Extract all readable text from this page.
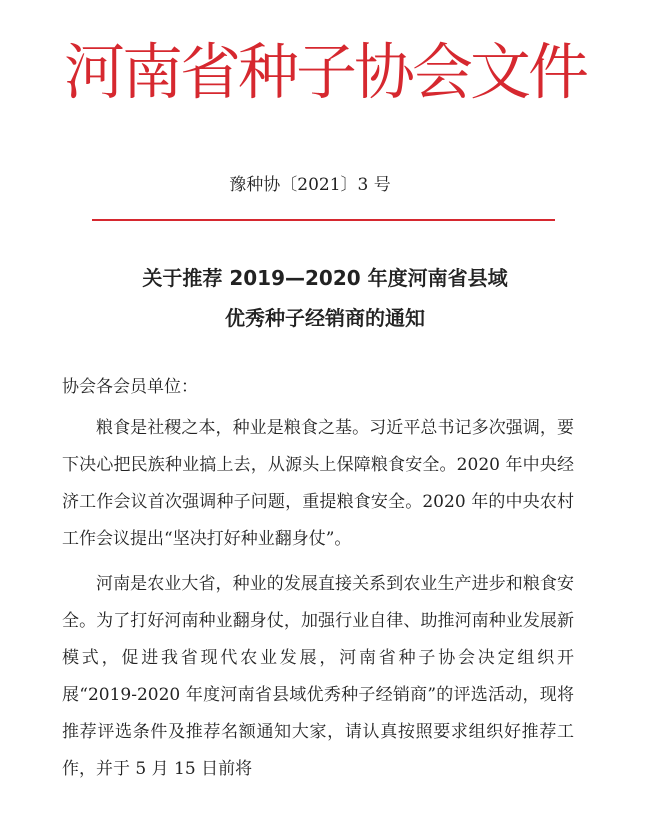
河南省种子协会文件
豫种协〔2021〕3 号
关于推荐 2019—2020 年度河南省县域
优秀种子经销商的通知

协会各会员单位：

粮食是社稷之本，种业是粮食之基。习近平总书记多次强调，要下决心把民族种业搞上去，从源头上保障粮食安全。2020 年中央经济工作会议首次强调种子问题，重提粮食安全。2020 年的中央农村工作会议提出“坚决打好种业翻身仗”。

河南是农业大省，种业的发展直接关系到农业生产进步和粮食安全。为了打好河南种业翻身仗，加强行业自律、助推河南种业发展新模式，促进我省现代农业发展，河南省种子协会决定组织开展“2019-2020 年度河南省县域优秀种子经销商”的评选活动，现将推荐评选条件及推荐名额通知大家，请认真按照要求组织好推荐工作，并于 5 月 15 日前将
